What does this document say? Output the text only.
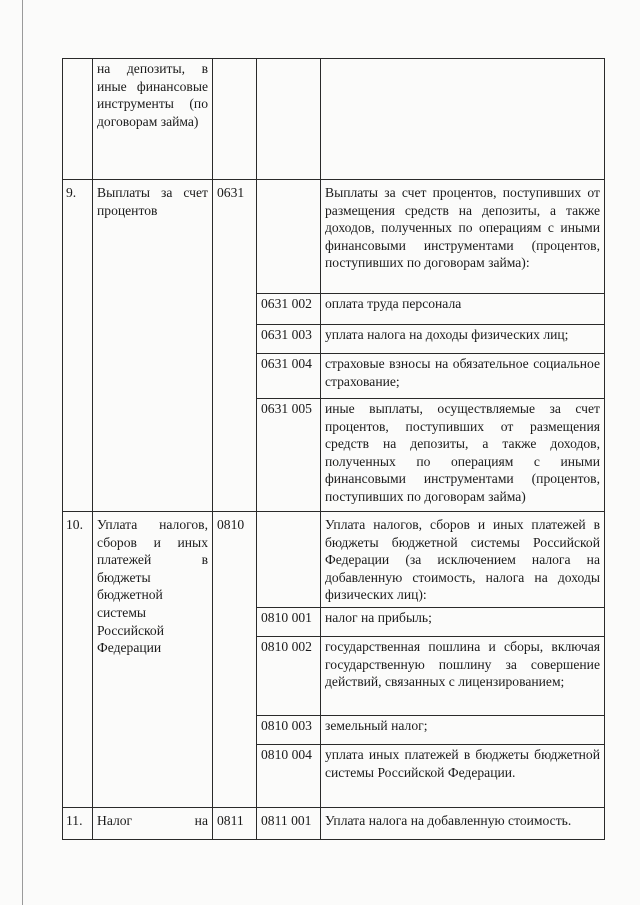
	на депозиты, в иные финансовые инструменты (по договорам займа)			
9.	Выплаты за счет процентов	0631		Выплаты за счет процентов, поступивших от размещения средств на депозиты, а также доходов, полученных по операциям с иными финансовыми инструментами (процентов, поступивших по договорам займа):
			0631 002	оплата труда персонала
			0631 003	уплата налога на доходы физических лиц;
			0631 004	страховые взносы на обязательное социальное страхование;
			0631 005	иные выплаты, осуществляемые за счет процентов, поступивших от размещения средств на депозиты, а также доходов, полученных по операциям с иными финансовыми инструментами (процентов, поступивших по договорам займа)
10.	Уплата налогов, сборов и иных платежей в бюджеты бюджетной системы Российской Федерации	0810		Уплата налогов, сборов и иных платежей в бюджеты бюджетной системы Российской Федерации (за исключением налога на добавленную стоимость, налога на доходы физических лиц):
			0810 001	налог на прибыль;
			0810 002	государственная пошлина и сборы, включая государственную пошлину за совершение действий, связанных с лицензированием;
			0810 003	земельный налог;
			0810 004	уплата иных платежей в бюджеты бюджетной системы Российской Федерации.
11.	Налог на	0811	0811 001	Уплата налога на добавленную стоимость.
